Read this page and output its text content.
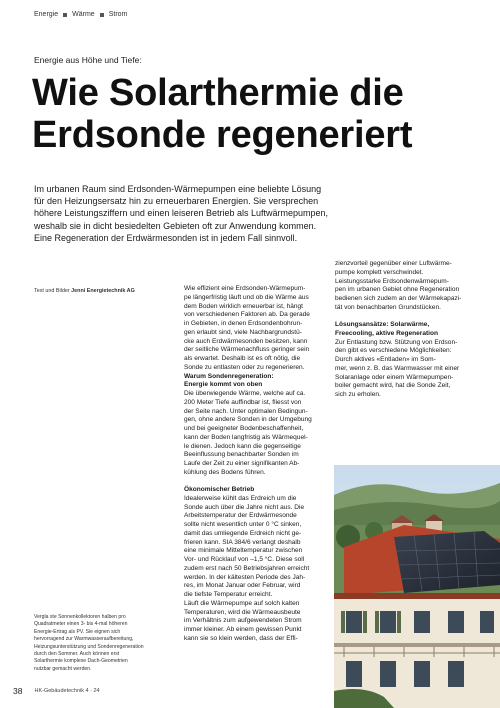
Energie Wärme Strom
Energie aus Höhe und Tiefe:
Wie Solarthermie die
Erdsonde regeneriert
Im urbanen Raum sind Erdsonden-Wärmepumpen eine beliebte Lösung
für den Heizungsersatz hin zu erneuerbaren Energien. Sie versprechen
höhere Leistungsziffern und einen leiseren Betrieb als Luftwärmepumpen,
weshalb sie in dicht besiedelten Gebieten oft zur Anwendung kommen.
Eine Regeneration der Erdwärmesonden ist in jedem Fall sinnvoll.
Text und Bilder Jenni Energietechnik AG	Wie effizient eine Erdsonden-Wärmepum-
pe längerfristig läuft und ob die Wärme aus
dem Boden wirklich erneuerbar ist, hängt
von verschiedenen Faktoren ab. Da gerade
in Gebieten, in denen Erdsondenbohrun-
gen erlaubt sind, viele Nachbargrundstü-
cke auch Erdwärmesonden besitzen, kann
der seitliche Wärmenachfluss geringer sein
als erwartet. Deshalb ist es oft nötig, die
Sonde zu entlasten oder zu regenerieren.
Warum Sondenregeneration:
Energie kommt von oben
Die überwiegende Wärme, welche auf ca.
200 Meter Tiefe auffindbar ist, fliesst von
der Seite nach. Unter optimalen Bedingun-
gen, ohne andere Sonden in der Umgebung
und bei geeigneter Bodenbeschaffenheit,
kann der Boden langfristig als Wärmequel-
le dienen. Jedoch kann die gegenseitige
Beeinflussung benachbarter Sonden im
Laufe der Zeit zu einer signifikanten Ab-
kühlung des Bodens führen.
Ökonomischer Betrieb
Idealerweise kühlt das Erdreich um die
Sonde auch über die Jahre nicht aus. Die
Arbeitstemperatur der Erdwärmesonde
sollte nicht wesentlich unter 0 °C sinken,
damit das umliegende Erdreich nicht ge-
frieren kann. SIA 384/6 verlangt deshalb
eine minimale Mitteltemperatur zwischen
Vor- und Rücklauf von –1,5 °C. Diese soll
zudem erst nach 50 Betriebsjahren erreicht
werden. In der kältesten Periode des Jah-
res, im Monat Januar oder Februar, wird
die tiefste Temperatur erreicht.
Läuft die Wärmepumpe auf solch kalten
Temperaturen, wird die Wärmeausbeute
im Verhältnis zum aufgewendeten Strom
immer kleiner. Ab einem gewissen Punkt
kann sie so klein werden, dass der Effi-
zienzvorteil gegenüber einer Luftwärme-
pumpe komplett verschwindet.
Leistungsstarke Erdsondenwärmepum-
pen im urbanen Gebiet ohne Regeneration
bedienen sich zudem an der Wärmekapazi-
tät von benachbarten Grundstücken.
Lösungsansätze: Solarwärme,
Freecooling, aktive Regeneration
Zur Entlastung bzw. Stützung von Erdson-
den gibt es verschiedene Möglichkeiten:
Durch aktives «Entladen» im Som-
mer, wenn z. B. das Warmwasser mit einer
Solaranlage oder einem Wärmepumpen-
boiler gemacht wird, hat die Sonde Zeit,
sich zu erholen.
Vergla ste Sonnenkollektoren halben pro
Quadratmeter einen 3- bis 4-mal höheren
Energie-Ertrag als PV. Sie eignen sich
hervorragend zur Warmwasseraufbereitung,
Heizungsunterstützung und Sondenregeneration
durch den Sommer. Auch können erst
Solarthermie komplexe Dach-Geometrien
nutzbar gemacht werden.
38 HK-Gebäudetechnik 4 · 24
